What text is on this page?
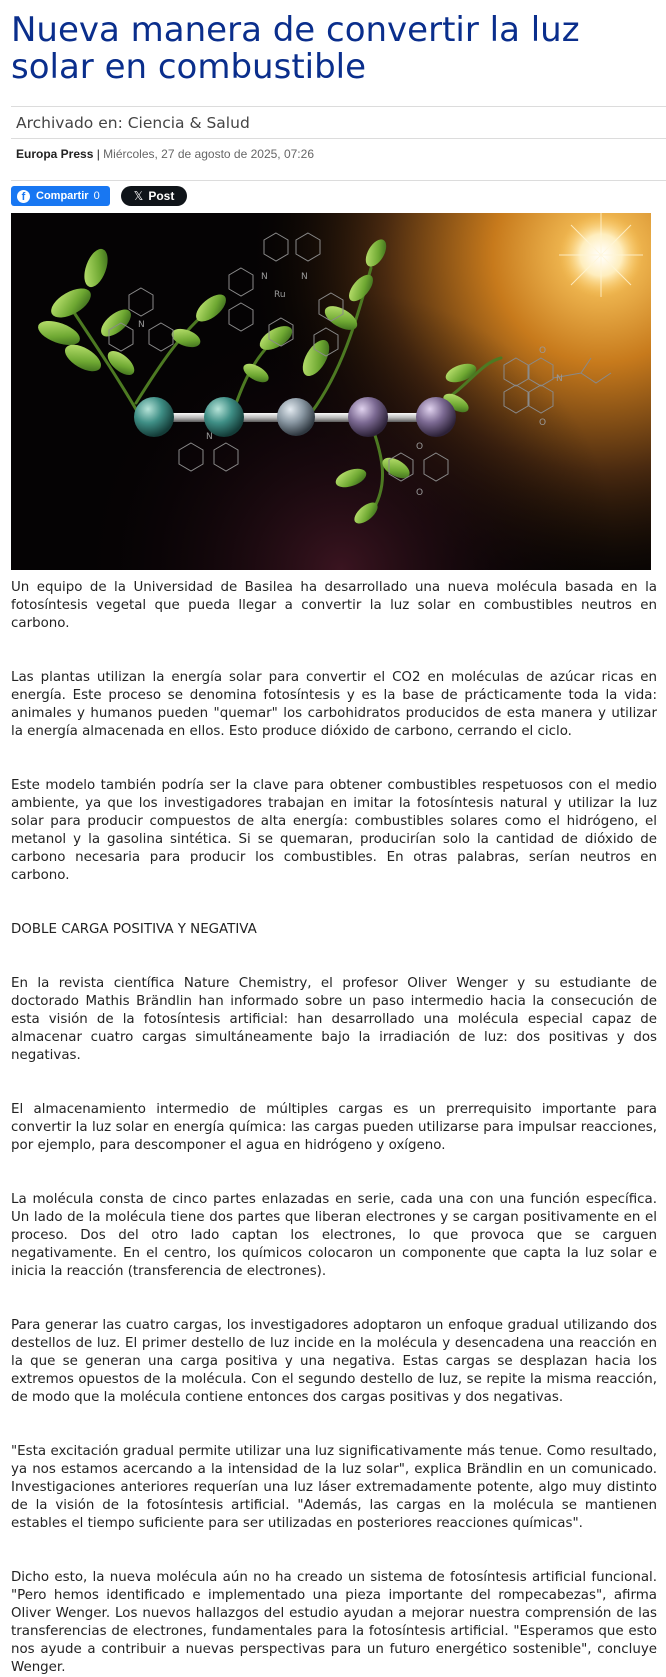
Nueva manera de convertir la luz solar en combustible
Archivado en: Ciencia & Salud
Europa Press | Miércoles, 27 de agosto de 2025, 07:26
f Compartir 0	𝕏 Post
Ru
N	N
N
N
N
O
O
O
O

Un equipo de la Universidad de Basilea ha desarrollado una nueva molécula basada en la fotosíntesis vegetal que pueda llegar a convertir la luz solar en combustibles neutros en carbono.

Las plantas utilizan la energía solar para convertir el CO2 en moléculas de azúcar ricas en energía. Este proceso se denomina fotosíntesis y es la base de prácticamente toda la vida: animales y humanos pueden "quemar" los carbohidratos producidos de esta manera y utilizar la energía almacenada en ellos. Esto produce dióxido de carbono, cerrando el ciclo.

Este modelo también podría ser la clave para obtener combustibles respetuosos con el medio ambiente, ya que los investigadores trabajan en imitar la fotosíntesis natural y utilizar la luz solar para producir compuestos de alta energía: combustibles solares como el hidrógeno, el metanol y la gasolina sintética. Si se quemaran, producirían solo la cantidad de dióxido de carbono necesaria para producir los combustibles. En otras palabras, serían neutros en carbono.

DOBLE CARGA POSITIVA Y NEGATIVA

En la revista científica Nature Chemistry, el profesor Oliver Wenger y su estudiante de doctorado Mathis Brändlin han informado sobre un paso intermedio hacia la consecución de esta visión de la fotosíntesis artificial: han desarrollado una molécula especial capaz de almacenar cuatro cargas simultáneamente bajo la irradiación de luz: dos positivas y dos negativas.

El almacenamiento intermedio de múltiples cargas es un prerrequisito importante para convertir la luz solar en energía química: las cargas pueden utilizarse para impulsar reacciones, por ejemplo, para descomponer el agua en hidrógeno y oxígeno.

La molécula consta de cinco partes enlazadas en serie, cada una con una función específica. Un lado de la molécula tiene dos partes que liberan electrones y se cargan positivamente en el proceso. Dos del otro lado captan los electrones, lo que provoca que se carguen negativamente. En el centro, los químicos colocaron un componente que capta la luz solar e inicia la reacción (transferencia de electrones).

Para generar las cuatro cargas, los investigadores adoptaron un enfoque gradual utilizando dos destellos de luz. El primer destello de luz incide en la molécula y desencadena una reacción en la que se generan una carga positiva y una negativa. Estas cargas se desplazan hacia los extremos opuestos de la molécula. Con el segundo destello de luz, se repite la misma reacción, de modo que la molécula contiene entonces dos cargas positivas y dos negativas.

"Esta excitación gradual permite utilizar una luz significativamente más tenue. Como resultado, ya nos estamos acercando a la intensidad de la luz solar", explica Brändlin en un comunicado. Investigaciones anteriores requerían una luz láser extremadamente potente, algo muy distinto de la visión de la fotosíntesis artificial. "Además, las cargas en la molécula se mantienen estables el tiempo suficiente para ser utilizadas en posteriores reacciones químicas".

Dicho esto, la nueva molécula aún no ha creado un sistema de fotosíntesis artificial funcional. "Pero hemos identificado e implementado una pieza importante del rompecabezas", afirma Oliver Wenger. Los nuevos hallazgos del estudio ayudan a mejorar nuestra comprensión de las transferencias de electrones, fundamentales para la fotosíntesis artificial. "Esperamos que esto nos ayude a contribuir a nuevas perspectivas para un futuro energético sostenible", concluye Wenger.
